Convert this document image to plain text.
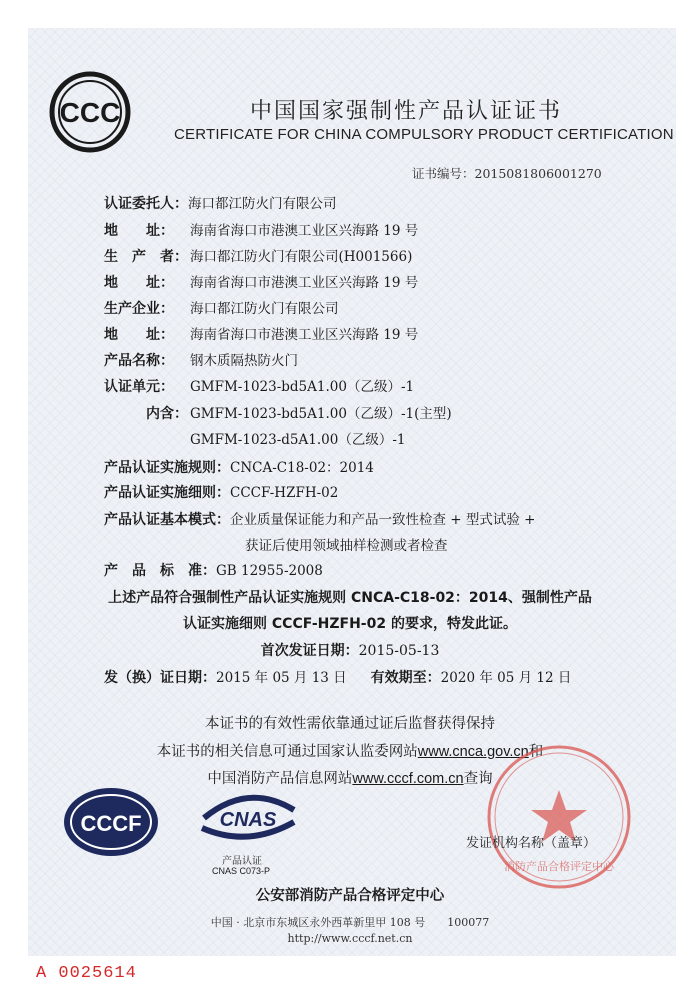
CCC	中国国家强制性产品认证证书
CERTIFICATE FOR CHINA COMPULSORY PRODUCT CERTIFICATION
证书编号：2015081806001270
认证委托人：海口都江防火门有限公司
地　　址： 海南省海口市港澳工业区兴海路 19 号
生　产　者： 海口都江防火门有限公司(H001566)
地　　址： 海南省海口市港澳工业区兴海路 19 号
生产企业： 海口都江防火门有限公司
地　　址： 海南省海口市港澳工业区兴海路 19 号
产品名称： 钢木质隔热防火门
认证单元： GMFM-1023-bd5A1.00（乙级）-1
内含： GMFM-1023-bd5A1.00（乙级）-1(主型)
GMFM-1023-d5A1.00（乙级）-1
产品认证实施规则：CNCA-C18-02：2014
产品认证实施细则：CCCF-HZFH-02
产品认证基本模式：企业质量保证能力和产品一致性检查 + 型式试验 +
获证后使用领域抽样检测或者检查
产　品　标　准：GB 12955-2008
上述产品符合强制性产品认证实施规则 CNCA-C18-02：2014、强制性产品
认证实施细则 CCCF-HZFH-02 的要求，特发此证。
首次发证日期：2015-05-13
发（换）证日期：2015 年 05 月 13 日 有效期至：2020 年 05 月 12 日
本证书的有效性需依靠通过证后监督获得保持
本证书的相关信息可通过国家认监委网站www.cnca.gov.cn和
中国消防产品信息网站www.cccf.com.cn查询
CCCF	CNAS
产品认证
CNAS C073-P	消防产品合格评定中心
发证机构名称（盖章）
公安部消防产品合格评定中心
中国 · 北京市东城区永外西革新里甲 108 号　　100077
http://www.cccf.net.cn
A 0025614
